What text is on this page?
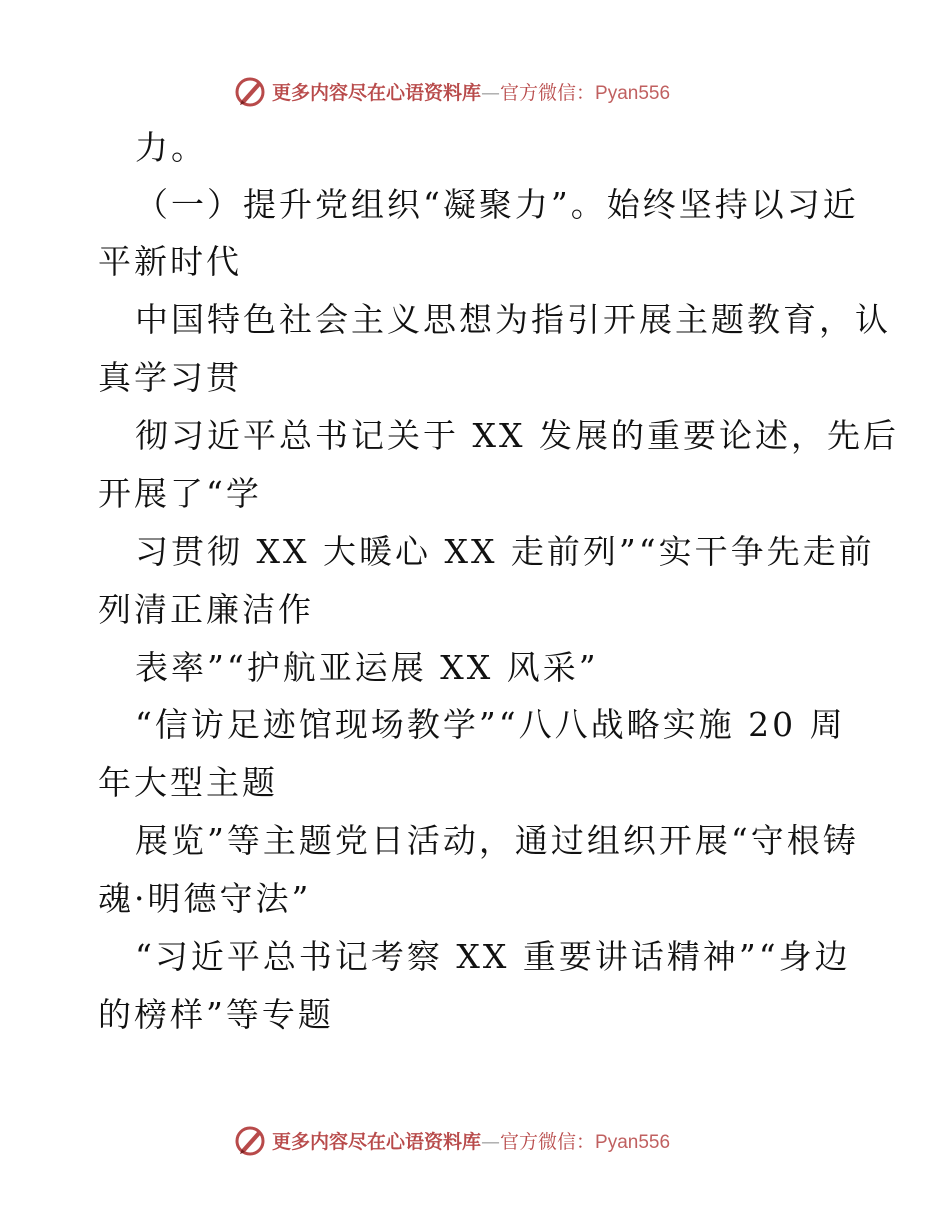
更多内容尽在心语资料库—官方微信：Pyan556
力。
（一）提升党组织“凝聚力”。始终坚持以习近
平新时代
中国特色社会主义思想为指引开展主题教育，认
真学习贯
彻习近平总书记关于 XX 发展的重要论述，先后
开展了“学
习贯彻 XX 大暖心 XX 走前列”“实干争先走前
列清正廉洁作
表率”“护航亚运展 XX 风采”
“信访足迹馆现场教学”“八八战略实施 20 周
年大型主题
展览”等主题党日活动，通过组织开展“守根铸
魂·明德守法”
“习近平总书记考察 XX 重要讲话精神”“身边
的榜样”等专题
更多内容尽在心语资料库—官方微信：Pyan556
